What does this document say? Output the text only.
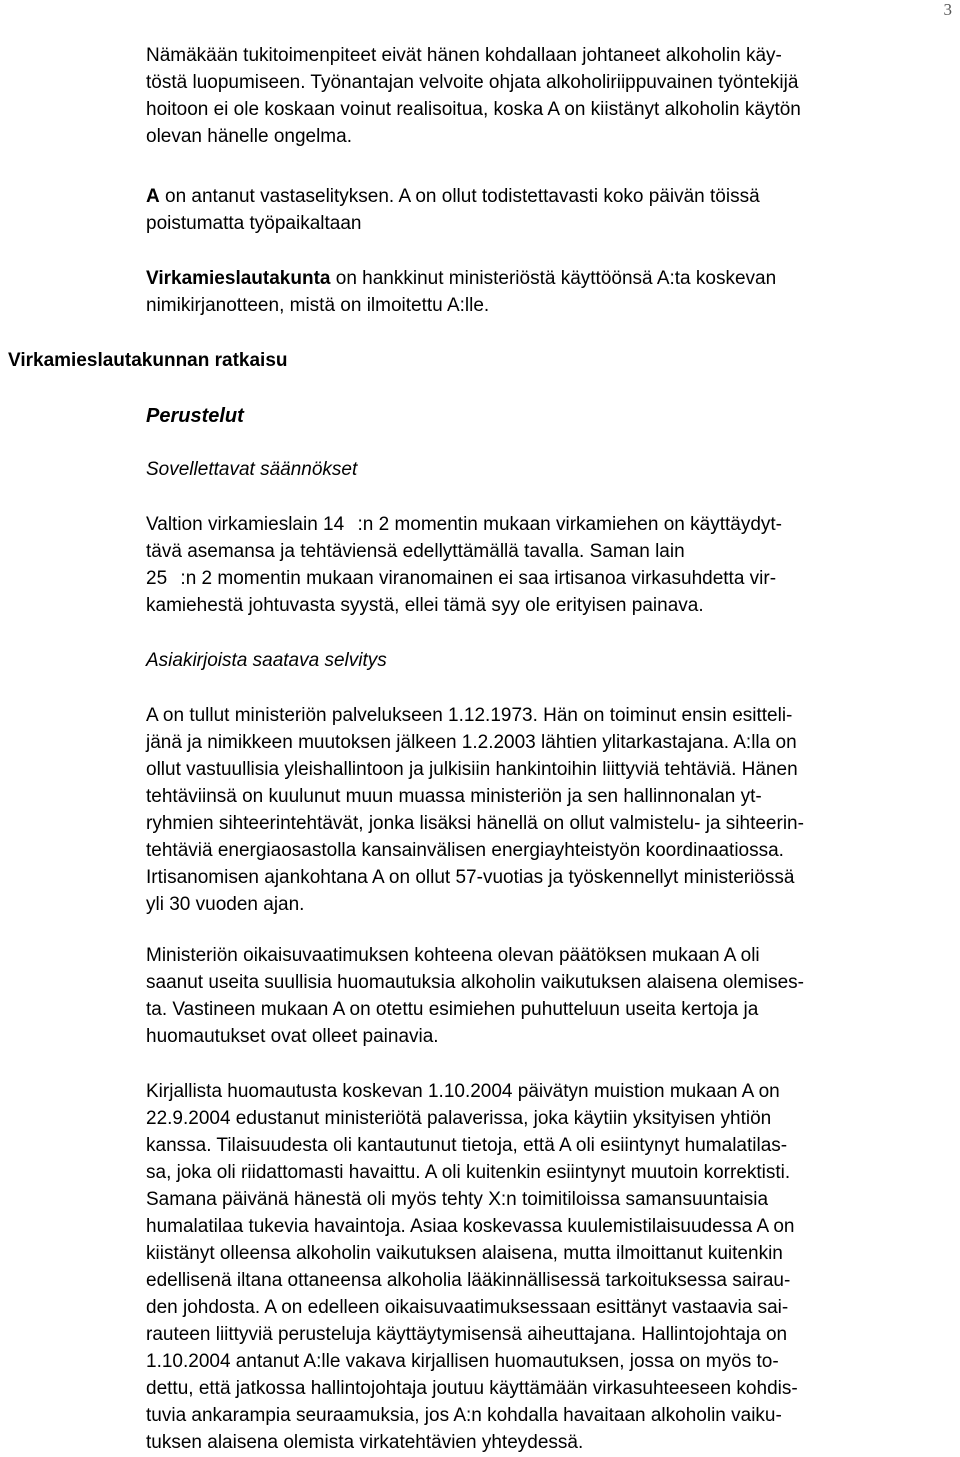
3
Nämäkään tukitoimenpiteet eivät hänen kohdallaan johtaneet alkoholin käy-
töstä luopumiseen. Työnantajan velvoite ohjata alkoholiriippuvainen työntekijä
hoitoon ei ole koskaan voinut realisoitua, koska A on kiistänyt alkoholin käytön
olevan hänelle ongelma.
A on antanut vastaselityksen. A on ollut todistettavasti koko päivän töissä
poistumatta työpaikaltaan
Virkamieslautakunta on hankkinut ministeriöstä käyttöönsä A:ta koskevan
nimikirjanotteen, mistä on ilmoitettu A:lle.
Virkamieslautakunnan ratkaisu
Perustelut
Sovellettavat säännökset
Valtion virkamieslain 14 :n 2 momentin mukaan virkamiehen on käyttäydyt-
tävä asemansa ja tehtäviensä edellyttämällä tavalla. Saman lain
25 :n 2 momentin mukaan viranomainen ei saa irtisanoa virkasuhdetta vir-
kamiehestä johtuvasta syystä, ellei tämä syy ole erityisen painava.
Asiakirjoista saatava selvitys
A on tullut ministeriön palvelukseen 1.12.1973. Hän on toiminut ensin esitteli-
jänä ja nimikkeen muutoksen jälkeen 1.2.2003 lähtien ylitarkastajana. A:lla on
ollut vastuullisia yleishallintoon ja julkisiin hankintoihin liittyviä tehtäviä. Hänen
tehtäviinsä on kuulunut muun muassa ministeriön ja sen hallinnonalan yt-
ryhmien sihteerintehtävät, jonka lisäksi hänellä on ollut valmistelu- ja sihteerin-
tehtäviä energiaosastolla kansainvälisen energiayhteistyön koordinaatiossa.
Irtisanomisen ajankohtana A on ollut 57-vuotias ja työskennellyt ministeriössä
yli 30 vuoden ajan.
Ministeriön oikaisuvaatimuksen kohteena olevan päätöksen mukaan A oli
saanut useita suullisia huomautuksia alkoholin vaikutuksen alaisena olemises-
ta. Vastineen mukaan A on otettu esimiehen puhutteluun useita kertoja ja
huomautukset ovat olleet painavia.
Kirjallista huomautusta koskevan 1.10.2004 päivätyn muistion mukaan A on
22.9.2004 edustanut ministeriötä palaverissa, joka käytiin yksityisen yhtiön
kanssa. Tilaisuudesta oli kantautunut tietoja, että A oli esiintynyt humalatilas-
sa, joka oli riidattomasti havaittu. A oli kuitenkin esiintynyt muutoin korrektisti.
Samana päivänä hänestä oli myös tehty X:n toimitiloissa samansuuntaisia
humalatilaa tukevia havaintoja. Asiaa koskevassa kuulemistilaisuudessa A on
kiistänyt olleensa alkoholin vaikutuksen alaisena, mutta ilmoittanut kuitenkin
edellisenä iltana ottaneensa alkoholia lääkinnällisessä tarkoituksessa sairau-
den johdosta. A on edelleen oikaisuvaatimuksessaan esittänyt vastaavia sai-
rauteen liittyviä perusteluja käyttäytymisensä aiheuttajana. Hallintojohtaja on
1.10.2004 antanut A:lle vakava kirjallisen huomautuksen, jossa on myös to-
dettu, että jatkossa hallintojohtaja joutuu käyttämään virkasuhteeseen kohdis-
tuvia ankarampia seuraamuksia, jos A:n kohdalla havaitaan alkoholin vaiku-
tuksen alaisena olemista virkatehtävien yhteydessä.
